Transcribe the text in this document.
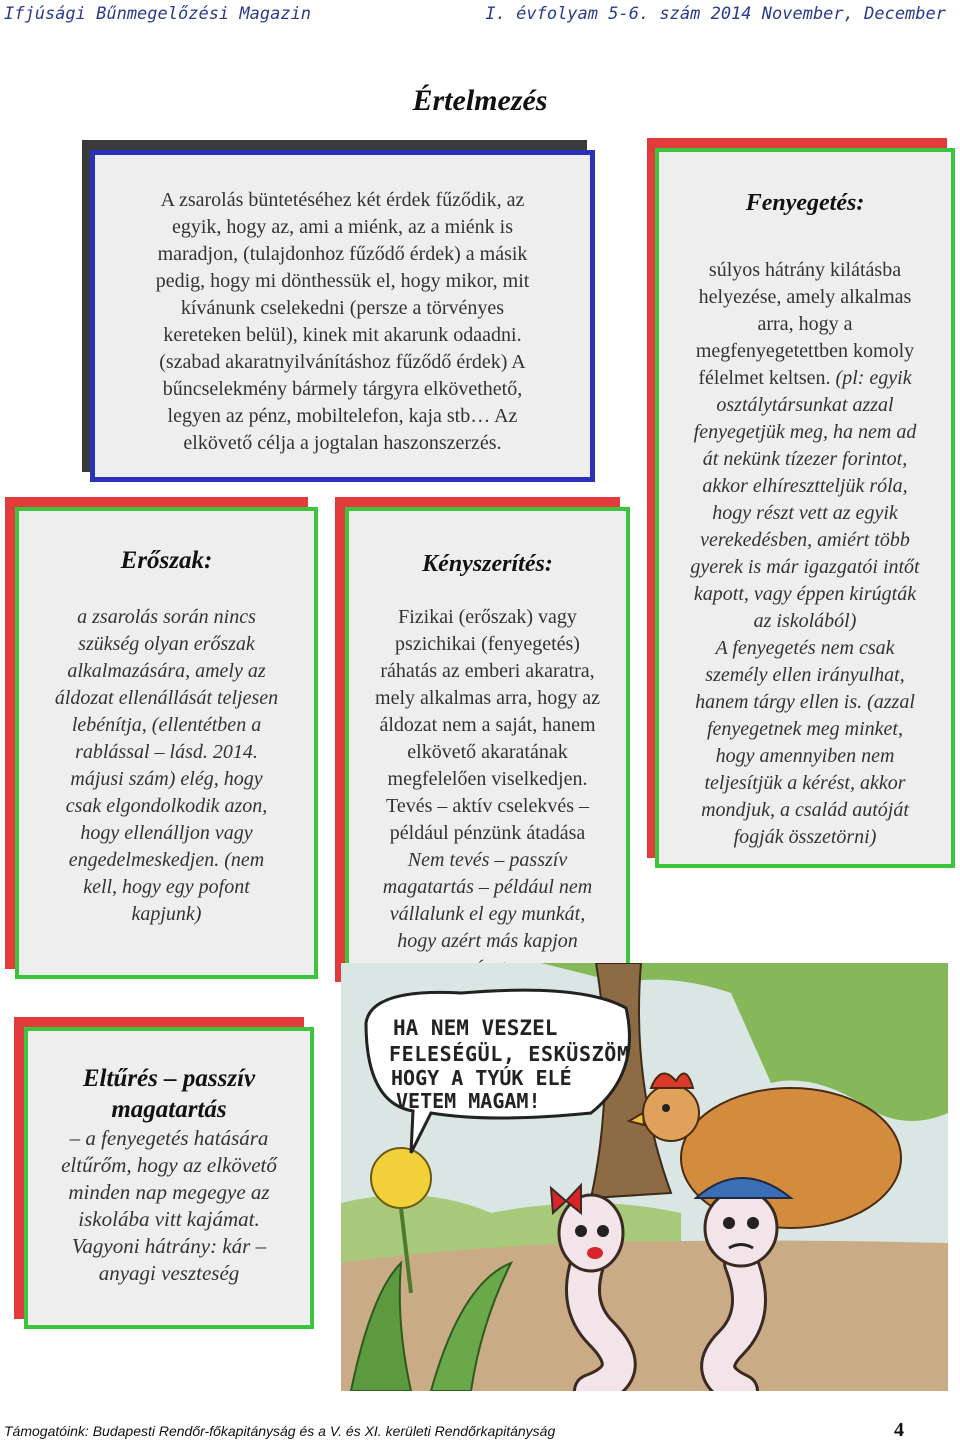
Ifjúsági Bűnmegelőzési Magazin	I. évfolyam 5-6. szám 2014 November, December
Értelmezés

A zsarolás büntetéséhez két érdek fűződik, az

egyik, hogy az, ami a miénk, az a miénk is

maradjon, (tulajdonhoz fűződő érdek) a másik

pedig, hogy mi dönthessük el, hogy mikor, mit

kívánunk cselekedni (persze a törvényes

kereteken belül), kinek mit akarunk odaadni.

(szabad akaratnyilvánításhoz fűződő érdek) A

bűncselekmény bármely tárgyra elkövethető,

legyen az pénz, mobiltelefon, kaja stb… Az

elkövető célja a jogtalan haszonszerzés.

Erőszak:

a zsarolás során nincs

szükség olyan erőszak

alkalmazására, amely az

áldozat ellenállását teljesen

lebénítja, (ellentétben a

rablással – lásd. 2014.

májusi szám) elég, hogy

csak elgondolkodik azon,

hogy ellenálljon vagy

engedelmeskedjen. (nem

kell, hogy egy pofont

kapjunk)

Kényszerítés:

Fizikai (erőszak) vagy

pszichikai (fenyegetés)

ráhatás az emberi akaratra,

mely alkalmas arra, hogy az

áldozat nem a saját, hanem

elkövető akaratának

megfelelően viselkedjen.

Tevés – aktív cselekvés –

például pénzünk átadása

Nem tevés – passzív

magatartás – például nem

vállalunk el egy munkát,

hogy azért más kapjon

Fenyegetés:

súlyos hátrány kilátásba

helyezése, amely alkalmas

arra, hogy a

megfenyegetettben komoly

félelmet keltsen. (pl: egyik

osztálytársunkat azzal

fenyegetjük meg, ha nem ad

át nekünk tízezer forintot,

akkor elhíresztteljük róla,

hogy részt vett az egyik

verekedésben, amiért több

gyerek is már igazgatói intőt

kapott, vagy éppen kirúgták

az iskolából)

A fenyegetés nem csak

személy ellen irányulhat,

hanem tárgy ellen is. (azzal

fenyegetnek meg minket,

hogy amennyiben nem

teljesítjük a kérést, akkor

mondjuk, a család autóját

fogják összetörni)

Eltűrés – passzív

magatartás

– a fenyegetés hatására

eltűrőm, hogy az elkövető

minden nap megegye az

iskolába vitt kajámat.

Vagyoni hátrány: kár –

anyagi veszteség

HA NEM VESZEL
FELESÉGÜL, ESKÜSZÖM
HOGY A TYÚK ELÉ
VETEM MAGAM!
Támogatóink: Budapesti Rendőr-főkapitányság és a V. és XI. kerületi Rendőrkapitányság	4
